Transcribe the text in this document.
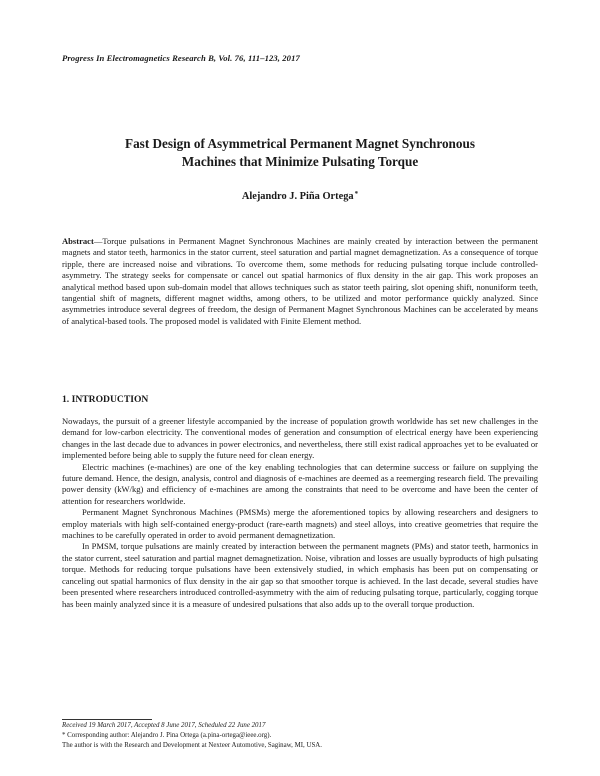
Progress In Electromagnetics Research B, Vol. 76, 111–123, 2017
Fast Design of Asymmetrical Permanent Magnet Synchronous
Machines that Minimize Pulsating Torque
Alejandro J. Piña Ortega*
Abstract—Torque pulsations in Permanent Magnet Synchronous Machines are mainly created by interaction between the permanent magnets and stator teeth, harmonics in the stator current, steel saturation and partial magnet demagnetization. As a consequence of torque ripple, there are increased noise and vibrations. To overcome them, some methods for reducing pulsating torque include controlled-asymmetry. The strategy seeks for compensate or cancel out spatial harmonics of flux density in the air gap. This work proposes an analytical method based upon sub-domain model that allows techniques such as stator teeth pairing, slot opening shift, nonuniform teeth, tangential shift of magnets, different magnet widths, among others, to be utilized and motor performance quickly analyzed. Since asymmetries introduce several degrees of freedom, the design of Permanent Magnet Synchronous Machines can be accelerated by means of analytical-based tools. The proposed model is validated with Finite Element method.
1. INTRODUCTION

Nowadays, the pursuit of a greener lifestyle accompanied by the increase of population growth worldwide has set new challenges in the demand for low-carbon electricity. The conventional modes of generation and consumption of electrical energy have been experiencing changes in the last decade due to advances in power electronics, and nevertheless, there still exist radical approaches yet to be evaluated or implemented before being able to supply the future need for clean energy.

Electric machines (e-machines) are one of the key enabling technologies that can determine success or failure on supplying the future demand. Hence, the design, analysis, control and diagnosis of e-machines are deemed as a reemerging research field. The prevailing power density (kW/kg) and efficiency of e-machines are among the constraints that need to be overcome and have been the center of attention for researchers worldwide.

Permanent Magnet Synchronous Machines (PMSMs) merge the aforementioned topics by allowing researchers and designers to employ materials with high self-contained energy-product (rare-earth magnets) and steel alloys, into creative geometries that require the machines to be carefully operated in order to avoid permanent demagnetization.

In PMSM, torque pulsations are mainly created by interaction between the permanent magnets (PMs) and stator teeth, harmonics in the stator current, steel saturation and partial magnet demagnetization. Noise, vibration and losses are usually byproducts of high pulsating torque. Methods for reducing torque pulsations have been extensively studied, in which emphasis has been put on compensating or canceling out spatial harmonics of flux density in the air gap so that smoother torque is achieved. In the last decade, several studies have been presented where researchers introduced controlled-asymmetry with the aim of reducing pulsating torque, particularly, cogging torque has been mainly analyzed since it is a measure of undesired pulsations that also adds up to the overall torque production.

Received 19 March 2017, Accepted 8 June 2017, Scheduled 22 June 2017
* Corresponding author: Alejandro J. Pina Ortega (a.pina-ortega@ieee.org).
The author is with the Research and Development at Nexteer Automotive, Saginaw, MI, USA.
